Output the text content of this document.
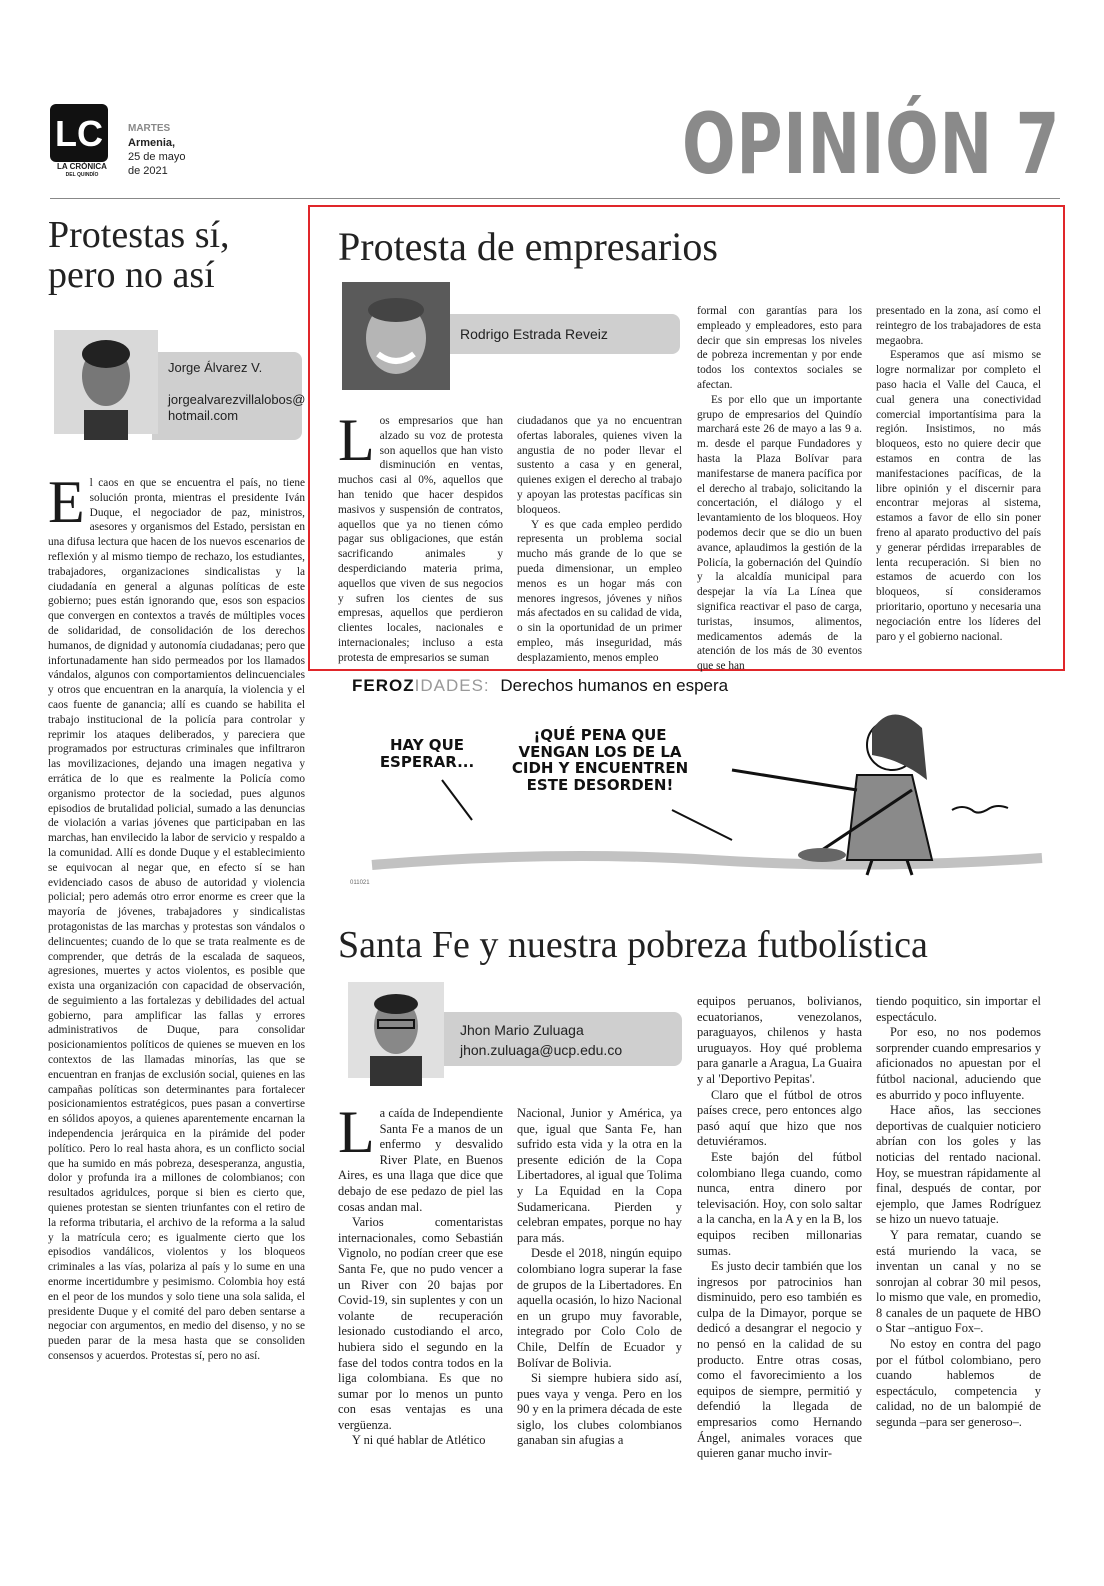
LC
LA CRÓNICA
DEL QUINDÍO
MARTES
Armenia,
25 de mayo
de 2021	OPINIÓN 7
Protestas sí, pero no así
Jorge Álvarez V.
jorgealvarezvillalobos@
hotmail.com

El caos en que se encuentra el país, no tiene solución pronta, mientras el presidente Iván Duque, el negociador de paz, ministros, asesores y organismos del Estado, persistan en una difusa lectura que hacen de los nuevos escenarios de reflexión y al mismo tiempo de rechazo, los estudiantes, trabajadores, organizaciones sindicalistas y la ciudadanía en general a algunas políticas de este gobierno; pues están ignorando que, esos son espacios que convergen en contextos a través de múltiples voces de solidaridad, de consolidación de los derechos humanos, de dignidad y autonomía ciudadanas; pero que infortunadamente han sido permeados por los llamados vándalos, algunos con comportamientos delincuenciales y otros que encuentran en la anarquía, la violencia y el caos fuente de ganancia; allí es cuando se habilita el trabajo institucional de la policía para controlar y reprimir los ataques deliberados, y pareciera que programados por estructuras criminales que infiltraron las movilizaciones, dejando una imagen negativa y errática de lo que es realmente la Policía como organismo protector de la sociedad, pues algunos episodios de brutalidad policial, sumado a las denuncias de violación a varias jóvenes que participaban en las marchas, han envilecido la labor de servicio y respaldo a la comunidad. Allí es donde Duque y el establecimiento se equivocan al negar que, en efecto sí se han evidenciado casos de abuso de autoridad y violencia policial; pero además otro error enorme es creer que la mayoría de jóvenes, trabajadores y sindicalistas protagonistas de las marchas y protestas son vándalos o delincuentes; cuando de lo que se trata realmente es de comprender, que detrás de la escalada de saqueos, agresiones, muertes y actos violentos, es posible que exista una organización con capacidad de observación, de seguimiento a las fortalezas y debilidades del actual gobierno, para amplificar las fallas y errores administrativos de Duque, para consolidar posicionamientos políticos de quienes se mueven en los contextos de las llamadas minorías, las que se encuentran en franjas de exclusión social, quienes en las campañas políticas son determinantes para fortalecer posicionamientos estratégicos, pues pasan a convertirse en sólidos apoyos, a quienes aparentemente encarnan la independencia jerárquica en la pirámide del poder político. Pero lo real hasta ahora, es un conflicto social que ha sumido en más pobreza, desesperanza, angustia, dolor y profunda ira a millones de colombianos; con resultados agridulces, porque si bien es cierto que, quienes protestan se sienten triunfantes con el retiro de la reforma tributaria, el archivo de la reforma a la salud y la matrícula cero; es igualmente cierto que los episodios vandálicos, violentos y los bloqueos criminales a las vías, polariza al país y lo sume en una enorme incertidumbre y pesimismo. Colombia hoy está en el peor de los mundos y solo tiene una sola salida, el presidente Duque y el comité del paro deben sentarse a negociar con argumentos, en medio del disenso, y no se pueden parar de la mesa hasta que se consoliden consensos y acuerdos. Protestas sí, pero no así.

Protesta de empresarios
Rodrigo Estrada Reveiz

Los empresarios que han alzado su voz de protesta son aquellos que han visto disminución en ventas, muchos casi al 0%, aquellos que han tenido que hacer despidos masivos y suspensión de contratos, aquellos que ya no tienen cómo pagar sus obligaciones, que están sacrificando animales y desperdiciando materia prima, aquellos que viven de sus negocios y sufren los cientes de sus empresas, aquellos que perdieron clientes locales, nacionales e internacionales; incluso a esta protesta de empresarios se suman

ciudadanos que ya no encuentran ofertas laborales, quienes viven la angustia de no poder llevar el sustento a casa y en general, quienes exigen el derecho al trabajo y apoyan las protestas pacíficas sin bloqueos.

Y es que cada empleo perdido representa un problema social mucho más grande de lo que se pueda dimensionar, un empleo menos es un hogar más con menores ingresos, jóvenes y niños más afectados en su calidad de vida, o sin la oportunidad de un primer empleo, más inseguridad, más desplazamiento, menos empleo

formal con garantías para los empleado y empleadores, esto para decir que sin empresas los niveles de pobreza incrementan y por ende todos los contextos sociales se afectan.

Es por ello que un importante grupo de empresarios del Quindío marchará este 26 de mayo a las 9 a. m. desde el parque Fundadores y hasta la Plaza Bolívar para manifestarse de manera pacífica por el derecho al trabajo, solicitando la concertación, el diálogo y el levantamiento de los bloqueos. Hoy podemos decir que se dio un buen avance, aplaudimos la gestión de la Policía, la gobernación del Quindío y la alcaldía municipal para despejar la vía La Línea que significa reactivar el paso de carga, turistas, insumos, alimentos, medicamentos además de la atención de los más de 30 eventos que se han

presentado en la zona, así como el reintegro de los trabajadores de esta megaobra.

Esperamos que así mismo se logre normalizar por completo el paso hacia el Valle del Cauca, el cual genera una conectividad comercial importantísima para la región. Insistimos, no más bloqueos, esto no quiere decir que estamos en contra de las manifestaciones pacíficas, de la libre opinión y el discernir para encontrar mejoras al sistema, estamos a favor de ello sin poner freno al aparato productivo del país y generar pérdidas irreparables de lenta recuperación. Si bien no estamos de acuerdo con los bloqueos, sí consideramos prioritario, oportuno y necesaria una negociación entre los líderes del paro y el gobierno nacional.

FEROZIDADES: Derechos humanos en espera
HAY QUE
ESPERAR...
¡QUÉ PENA QUE
VENGAN LOS DE LA
CIDH Y ENCUENTREN
ESTE DESORDEN!
011021
Santa Fe y nuestra pobreza futbolística
Jhon Mario Zuluaga
jhon.zuluaga@ucp.edu.co

La caída de Independiente Santa Fe a manos de un enfermo y desvalido River Plate, en Buenos Aires, es una llaga que dice que debajo de ese pedazo de piel las cosas andan mal.

Varios comentaristas internacionales, como Sebastián Vignolo, no podían creer que ese Santa Fe, que no pudo vencer a un River con 20 bajas por Covid-19, sin suplentes y con un volante de recuperación lesionado custodiando el arco, hubiera sido el segundo en la fase del todos contra todos en la liga colombiana. Es que no sumar por lo menos un punto con esas ventajas es una vergüenza.

Y ni qué hablar de Atlético

Nacional, Junior y América, ya que, igual que Santa Fe, han sufrido esta vida y la otra en la presente edición de la Copa Libertadores, al igual que Tolima y La Equidad en la Copa Sudamericana. Pierden y celebran empates, porque no hay para más.

Desde el 2018, ningún equipo colombiano logra superar la fase de grupos de la Libertadores. En aquella ocasión, lo hizo Nacional en un grupo muy favorable, integrado por Colo Colo de Chile, Delfín de Ecuador y Bolívar de Bolivia.

Si siempre hubiera sido así, pues vaya y venga. Pero en los 90 y en la primera década de este siglo, los clubes colombianos ganaban sin afugias a

equipos peruanos, bolivianos, ecuatorianos, venezolanos, paraguayos, chilenos y hasta uruguayos. Hoy qué problema para ganarle a Aragua, La Guaira y al 'Deportivo Pepitas'.

Claro que el fútbol de otros países crece, pero entonces algo pasó aquí que hizo que nos detuviéramos.

Este bajón del fútbol colombiano llega cuando, como nunca, entra dinero por televisación. Hoy, con solo saltar a la cancha, en la A y en la B, los equipos reciben millonarias sumas.

Es justo decir también que los ingresos por patrocinios han disminuido, pero eso también es culpa de la Dimayor, porque se dedicó a desangrar el negocio y no pensó en la calidad de su producto. Entre otras cosas, como el favorecimiento a los equipos de siempre, permitió y defendió la llegada de empresarios como Hernando Ángel, animales voraces que quieren ganar mucho invir-

tiendo poquitico, sin importar el espectáculo.

Por eso, no nos podemos sorprender cuando empresarios y aficionados no apuestan por el fútbol nacional, aduciendo que es aburrido y poco influyente.

Hace años, las secciones deportivas de cualquier noticiero abrían con los goles y las noticias del rentado nacional. Hoy, se muestran rápidamente al final, después de contar, por ejemplo, que James Rodríguez se hizo un nuevo tatuaje.

Y para rematar, cuando se está muriendo la vaca, se inventan un canal y no se sonrojan al cobrar 30 mil pesos, lo mismo que vale, en promedio, 8 canales de un paquete de HBO o Star –antiguo Fox–.

No estoy en contra del pago por el fútbol colombiano, pero cuando hablemos de espectáculo, competencia y calidad, no de un balompié de segunda –para ser generoso–.
